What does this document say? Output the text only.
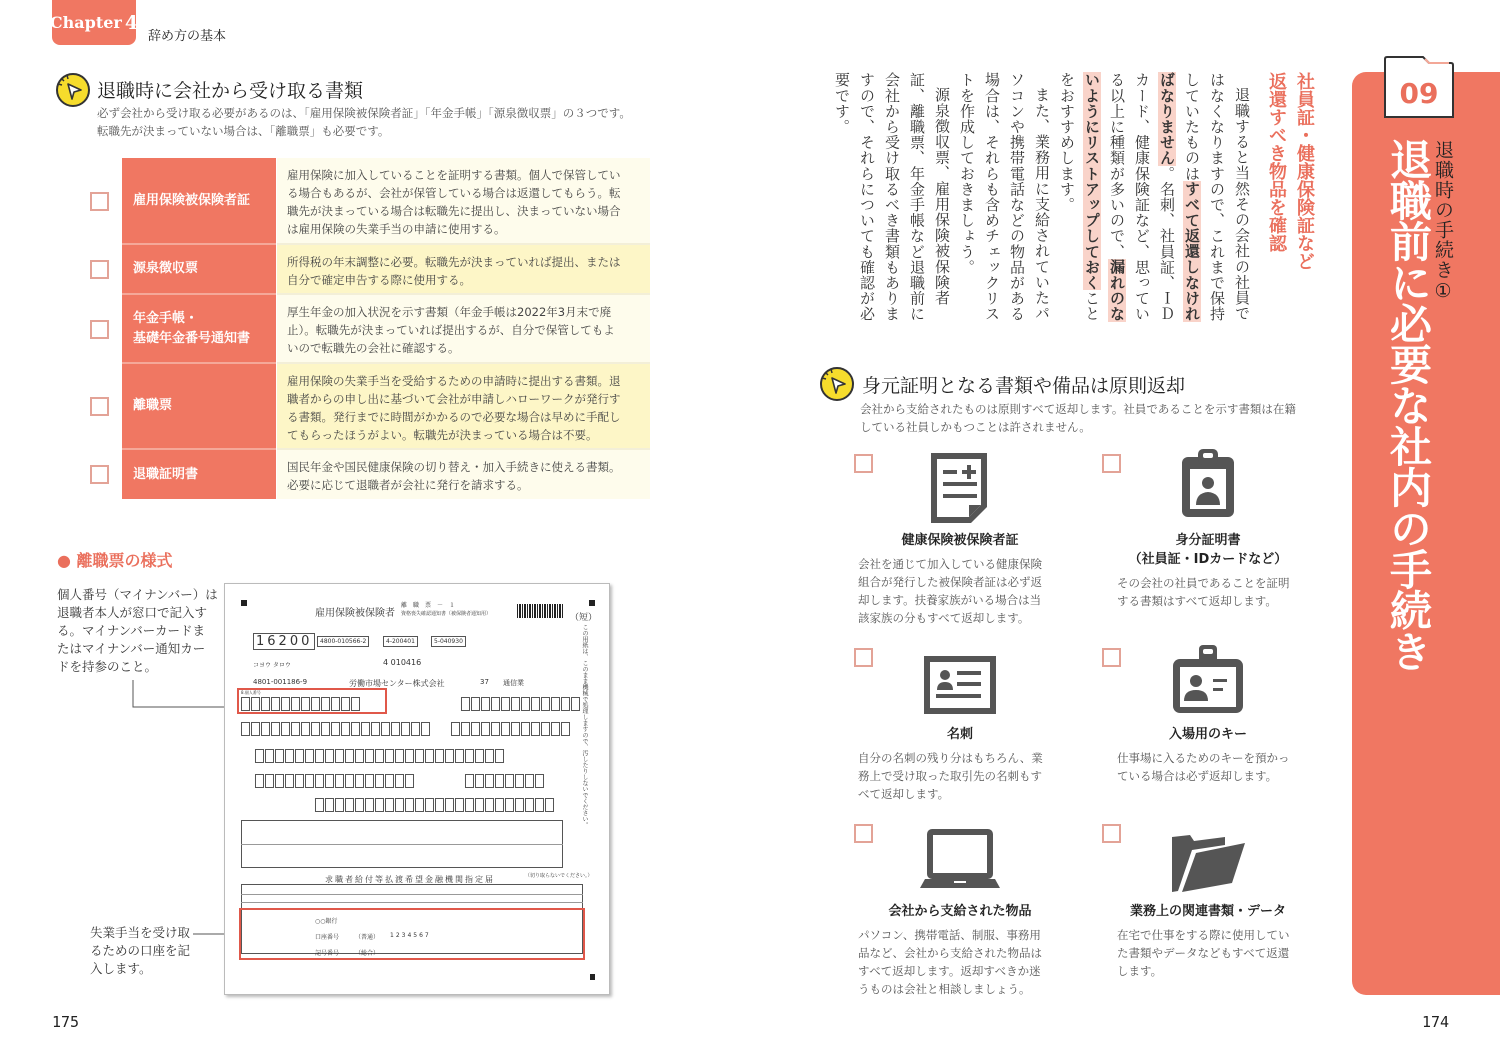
Chapter 4
辞め方の基本
退職時に会社から受け取る書類
必ず会社から受け取る必要があるのは、「雇用保険被保険者証」「年金手帳」「源泉徴収票」の３つです。
転職先が決まっていない場合は、「離職票」も必要です。
雇用保険被保険者証
雇用保険に加入していることを証明する書類。個人で保管してい
る場合もあるが、会社が保管している場合は返還してもらう。転
職先が決まっている場合は転職先に提出し、決まっていない場合
は雇用保険の失業手当の申請に使用する。
源泉徴収票	所得税の年末調整に必要。転職先が決まっていれば提出、または
自分で確定申告する際に使用する。
年金手帳・
基礎年金番号通知書
厚生年金の加入状況を示す書類（年金手帳は2022年3月末で廃
止）。転職先が決まっていれば提出するが、自分で保管してもよ
いので転職先の会社に確認する。
離職票
雇用保険の失業手当を受給するための申請時に提出する書類。退
職者からの申し出に基づいて会社が申請しハローワークが発行す
る書類。発行までに時間がかかるので必要な場合は早めに手配し
てもらったほうがよい。転職先が決まっている場合は不要。
退職証明書	国民年金や国民健康保険の切り替え・加入手続きに使える書類。
必要に応じて退職者が会社に発行を請求する。
● 離職票の様式
個人番号（マイナンバー）は
退職者本人が窓口で記入す
る。マイナンバーカードま
たはマイナンバー通知カー
ドを持参のこと。
失業手当を受け取
るための口座を記
入します。
雇用保険被保険者
離　職　票　－　１
資格喪失確認通知書（被保険者通知用）	（短）
16200	4800-010566-2	4-200401	5-040930
コヨウ タロウ	4 010416
4801-001186-9	労働市場センター株式会社	37 通信業
8.個人番号	この用紙は、このまま機械で処理しますので、汚したりしないでください。
求職者給付等払渡希望金融機関指定届	（切り取らないでください。）
○○銀行
口座番号	（普通） 1234567
記号番号	（総合）
175
社員証・健康保険証など
返還すべき物品を確認

退職すると当然その会社の社員ではなくなりますので、これまで保持していたものはすべて返還しなければなりません。名刺、社員証、ＩＤカード、健康保険証など、思っている以上に種類が多いので、漏れのないようにリストアップしておくことをおすすめします。

また、業務用に支給されていたパソコンや携帯電話などの物品がある場合は、それらも含めチェックリストを作成しておきましょう。

源泉徴収票、雇用保険被保険者証、離職票、年金手帳など退職前に会社から受け取るべき書類もありますので、それらについても確認が必要です。	09
退職時の手続き①
退職前に必要な社内の手続き
身元証明となる書類や備品は原則返却
会社から支給されたものは原則すべて返却します。社員であることを示す書類は在籍
している社員しかもつことは許されません。
健康保険被保険者証
会社を通じて加入している健康保険
組合が発行した被保険者証は必ず返
却します。扶養家族がいる場合は当
該家族の分もすべて返却します。
身分証明書
（社員証・IDカードなど）
その会社の社員であることを証明
する書類はすべて返却します。
名刺
自分の名刺の残り分はもちろん、業
務上で受け取った取引先の名刺もす
べて返却します。
入場用のキー
仕事場に入るためのキーを預かっ
ている場合は必ず返却します。
会社から支給された物品
パソコン、携帯電話、制服、事務用
品など、会社から支給された物品は
すべて返却します。返却すべきか迷
うものは会社と相談しましょう。
業務上の関連書類・データ
在宅で仕事をする際に使用してい
た書類やデータなどもすべて返還
します。
174
